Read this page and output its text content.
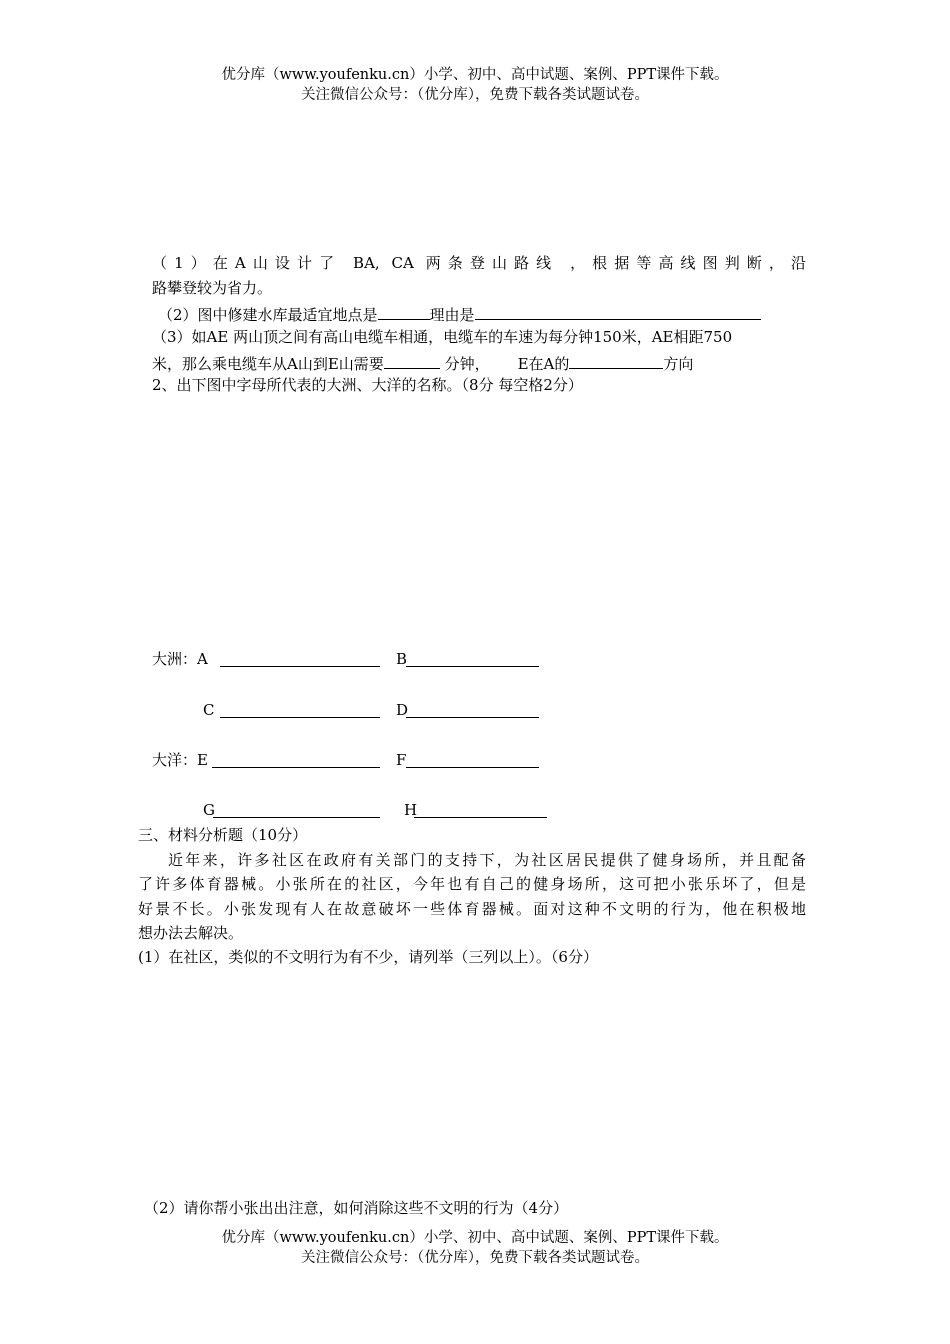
优分库（www.youfenku.cn）小学、初中、高中试题、案例、PPT课件下载。
关注微信公众号：（优分库），免费下载各类试题试卷。
（1）在A山设计了 BA, CA 两条登山路线 ，根据等高线图判断，沿
路攀登较为省力。
（2）图中修建水库最适宜地点是	理由是
（3）如AE 两山顶之间有高山电缆车相通，电缆车的车速为每分钟150米，AE相距750
米，那么乘电缆车从A山到E山需要	分钟， E在A的	方向
2、出下图中字母所代表的大洲、大洋的名称。（8分 每空格2分）
大洲：A	B
C	D
大洋：E	F
G	H
三、材料分析题（10分）
近年来，许多社区在政府有关部门的支持下，为社区居民提供了健身场所，并且配备
了许多体育器械。小张所在的社区，今年也有自己的健身场所，这可把小张乐坏了，但是
好景不长。小张发现有人在故意破坏一些体育器械。面对这种不文明的行为，他在积极地
想办法去解决。
(1）在社区，类似的不文明行为有不少，请列举（三列以上）。（6分）
（2）请你帮小张出出注意，如何消除这些不文明的行为（4分）
优分库（www.youfenku.cn）小学、初中、高中试题、案例、PPT课件下载。
关注微信公众号：（优分库），免费下载各类试题试卷。
